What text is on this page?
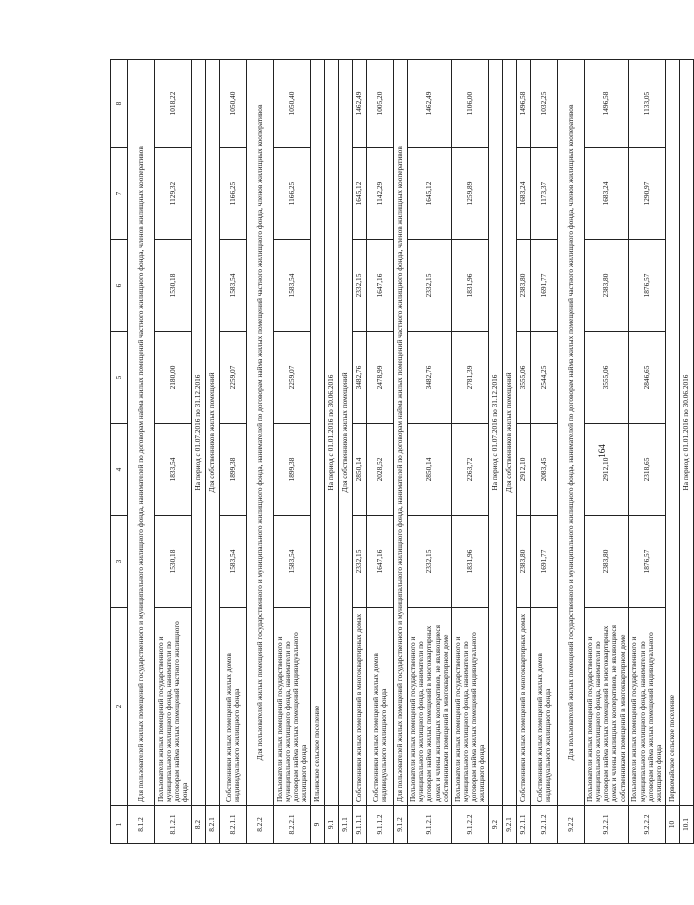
164
1	2	3	4	5	6	7	8
8.1.2	Для пользователей жилых помещений государственного и муниципального жилищного фонда, нанимателей по договорам найма жилых помещений частного жилищного фонда, членов жилищных кооперативов						
8.1.2.1	Пользователи жилых помещений государственного и муниципального жилищного фонда, наниматели по договорам найма жилых помещений частного жилищного фонда	1530,18	1833,54	2180,00	1530,18	1129,32	1018,22
8.2	На период с 01.07.2016 по 31.12.2016						
8.2.1	Для собственников жилых помещений						
8.2.1.1	Собственники жилых помещений жилых домов индивидуального жилищного фонда	1583,54	1899,38	2259,07	1583,54	1166,25	1050,40
8.2.2	Для пользователей жилых помещений государственного и муниципального жилищного фонда, нанимателей по договорам найма жилых помещений частного жилищного фонда, членов жилищных кооперативов						
8.2.2.1	Пользователи жилых помещений государственного и муниципального жилищного фонда, наниматели по договорам найма жилых помещений индивидуального жилищного фонда	1583,54	1899,38	2259,07	1583,54	1166,25	1050,40
9	Ильинское сельское поселение						
9.1	На период с 01.01.2016 по 30.06.2016						
9.1.1	Для собственников жилых помещений						
9.1.1.1	Собственники жилых помещений в многоквартирных домах	2332,15	2850,14	3482,76	2332,15	1645,12	1462,49
9.1.1.2	Собственники жилых помещений жилых домов индивидуального жилищного фонда	1647,16	2028,52	2478,99	1647,16	1142,29	1005,20
9.1.2	Для пользователей жилых помещений государственного и муниципального жилищного фонда, нанимателей по договорам найма жилых помещений частного жилищного фонда, членов жилищных кооперативов						
9.1.2.1	Пользователи жилых помещений государственного и муниципального жилищного фонда, наниматели по договорам найма жилых помещений в многоквартирных домах и члены жилищных кооперативов, не являющиеся собственниками помещений в многоквартирном доме	2332,15	2850,14	3482,76	2332,15	1645,12	1462,49
9.1.2.2	Пользователи жилых помещений государственного и муниципального жилищного фонда, наниматели по договорам найма жилых помещений индивидуального жилищного фонда	1831,96	2263,72	2781,39	1831,96	1259,89	1106,00
9.2	На период с 01.07.2016 по 31.12.2016						
9.2.1	Для собственников жилых помещений						
9.2.1.1	Собственники жилых помещений в многоквартирных домах	2383,80	2912,10	3555,06	2383,80	1683,24	1496,58
9.2.1.2	Собственники жилых помещений жилых домов индивидуального жилищного фонда	1691,77	2083,45	2544,25	1691,77	1173,37	1032,25
9.2.2	Для пользователей жилых помещений государственного и муниципального жилищного фонда, нанимателей по договорам найма жилых помещений частного жилищного фонда, членов жилищных кооперативов						
9.2.2.1	Пользователи жилых помещений государственного и муниципального жилищного фонда, наниматели по договорам найма жилых помещений в многоквартирных домах и члены жилищных кооперативов, не являющиеся собственниками помещений в многоквартирном доме	2383,80	2912,10	3555,06	2383,80	1683,24	1496,58
9.2.2.2	Пользователи жилых помещений государственного и муниципального жилищного фонда, наниматели по договорам найма жилых помещений индивидуального жилищного фонда	1876,57	2318,65	2846,65	1876,57	1290,97	1133,05
10	Первомайское сельское поселение						
10.1	На период с 01.01.2016 по 30.06.2016						
